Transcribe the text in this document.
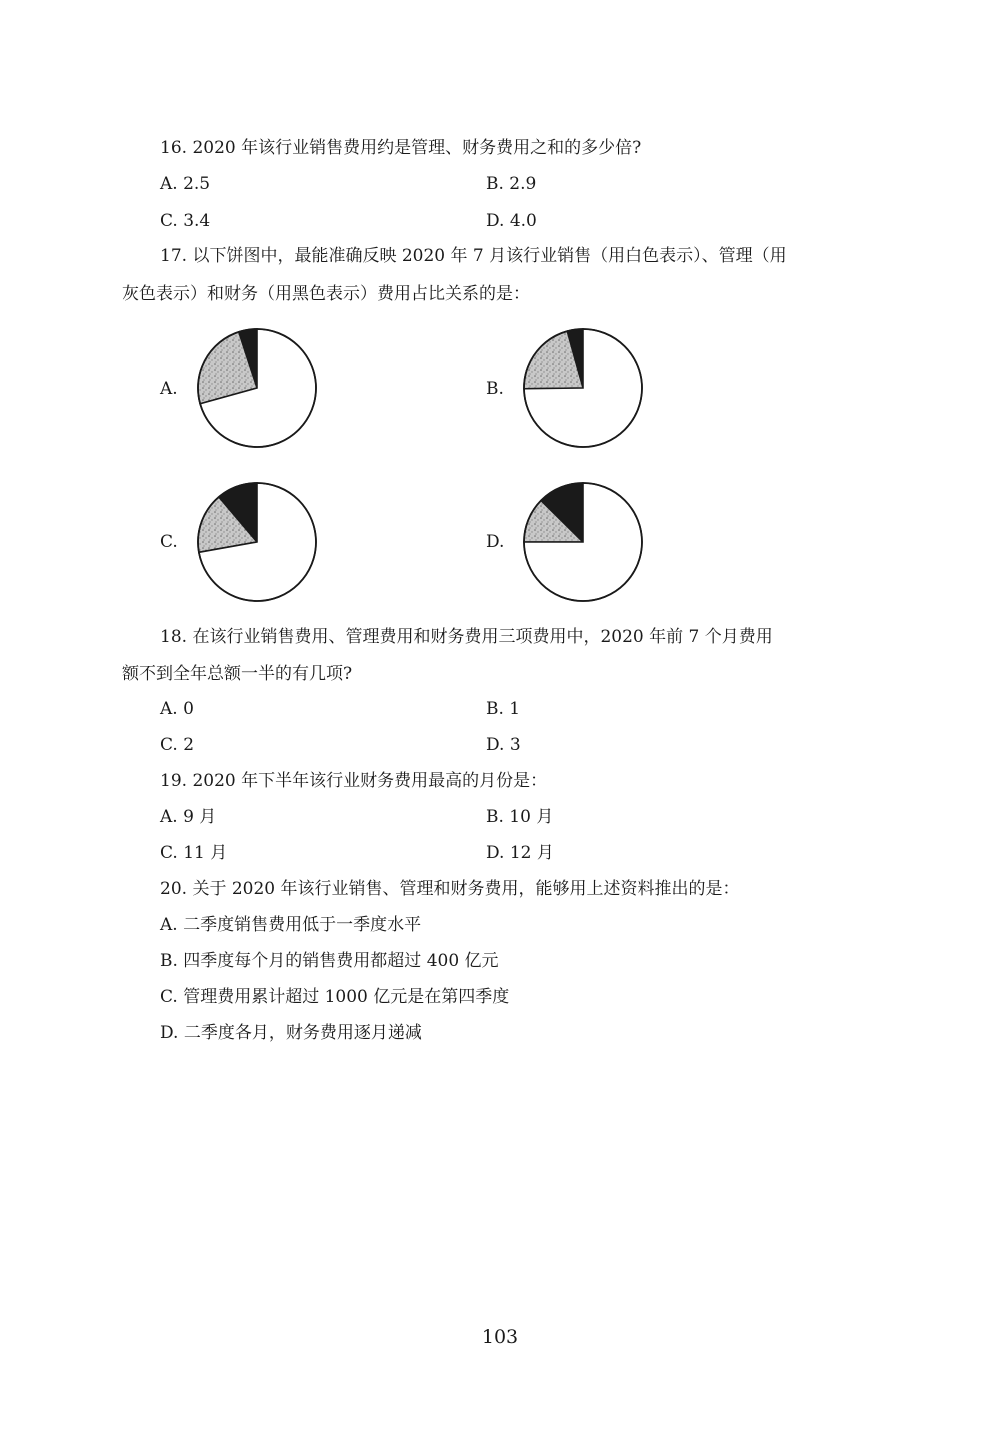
16. 2020 年该行业销售费用约是管理、财务费用之和的多少倍?
A. 2.5	B. 2.9
C. 3.4	D. 4.0
17. 以下饼图中，最能准确反映 2020 年 7 月该行业销售（用白色表示）、管理（用
灰色表示）和财务（用黑色表示）费用占比关系的是：
A.	B.
C.	D.
18. 在该行业销售费用、管理费用和财务费用三项费用中，2020 年前 7 个月费用
额不到全年总额一半的有几项?
A. 0	B. 1
C. 2	D. 3
19. 2020 年下半年该行业财务费用最高的月份是：
A. 9 月	B. 10 月
C. 11 月	D. 12 月
20. 关于 2020 年该行业销售、管理和财务费用，能够用上述资料推出的是：
A. 二季度销售费用低于一季度水平
B. 四季度每个月的销售费用都超过 400 亿元
C. 管理费用累计超过 1000 亿元是在第四季度
D. 二季度各月，财务费用逐月递减
103
